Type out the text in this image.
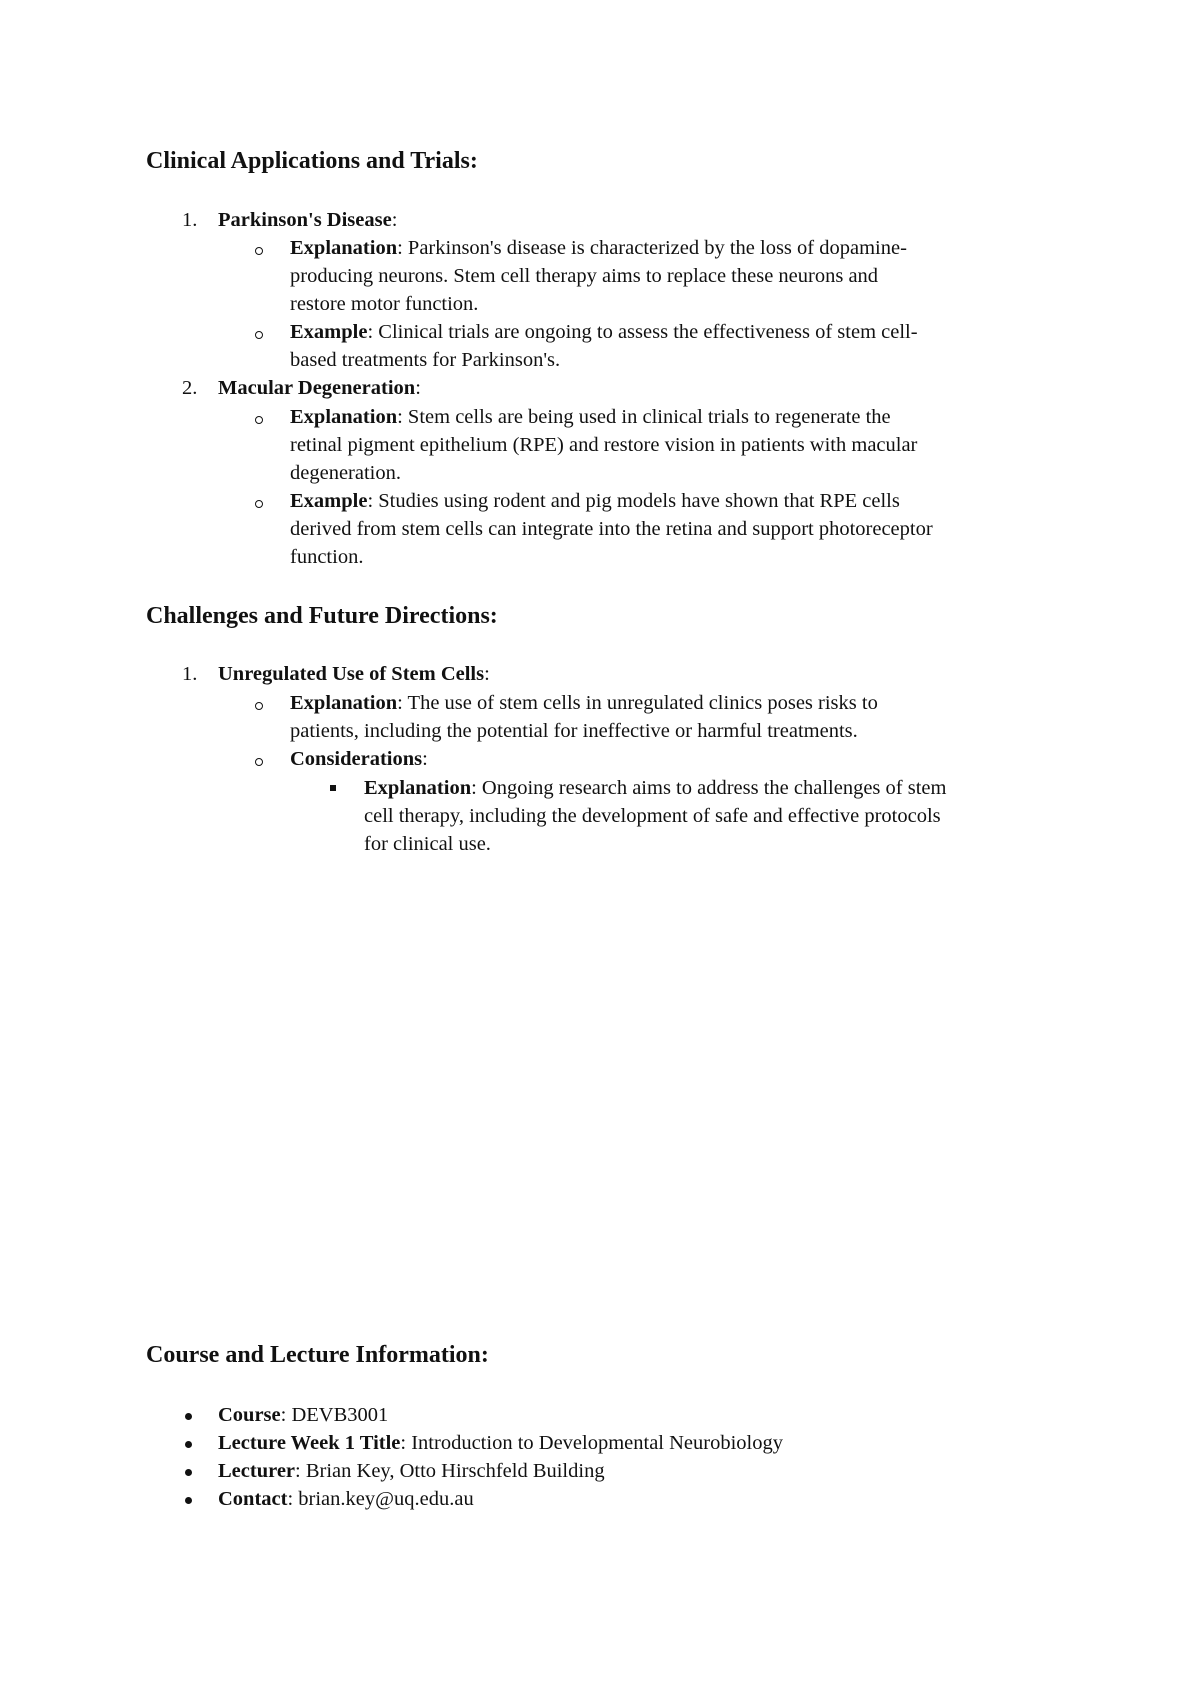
Clinical Applications and Trials:
1. Parkinson's Disease:
Explanation: Parkinson's disease is characterized by the loss of dopamine-
producing neurons. Stem cell therapy aims to replace these neurons and
restore motor function.
Example: Clinical trials are ongoing to assess the effectiveness of stem cell-
based treatments for Parkinson's.
2. Macular Degeneration:
Explanation: Stem cells are being used in clinical trials to regenerate the
retinal pigment epithelium (RPE) and restore vision in patients with macular
degeneration.
Example: Studies using rodent and pig models have shown that RPE cells
derived from stem cells can integrate into the retina and support photoreceptor
function.
Challenges and Future Directions:
1. Unregulated Use of Stem Cells:
Explanation: The use of stem cells in unregulated clinics poses risks to
patients, including the potential for ineffective or harmful treatments.
Considerations:
Explanation: Ongoing research aims to address the challenges of stem
cell therapy, including the development of safe and effective protocols
for clinical use.
Course and Lecture Information:
Course: DEVB3001
Lecture Week 1 Title: Introduction to Developmental Neurobiology
Lecturer: Brian Key, Otto Hirschfeld Building
Contact: brian.key@uq.edu.au
